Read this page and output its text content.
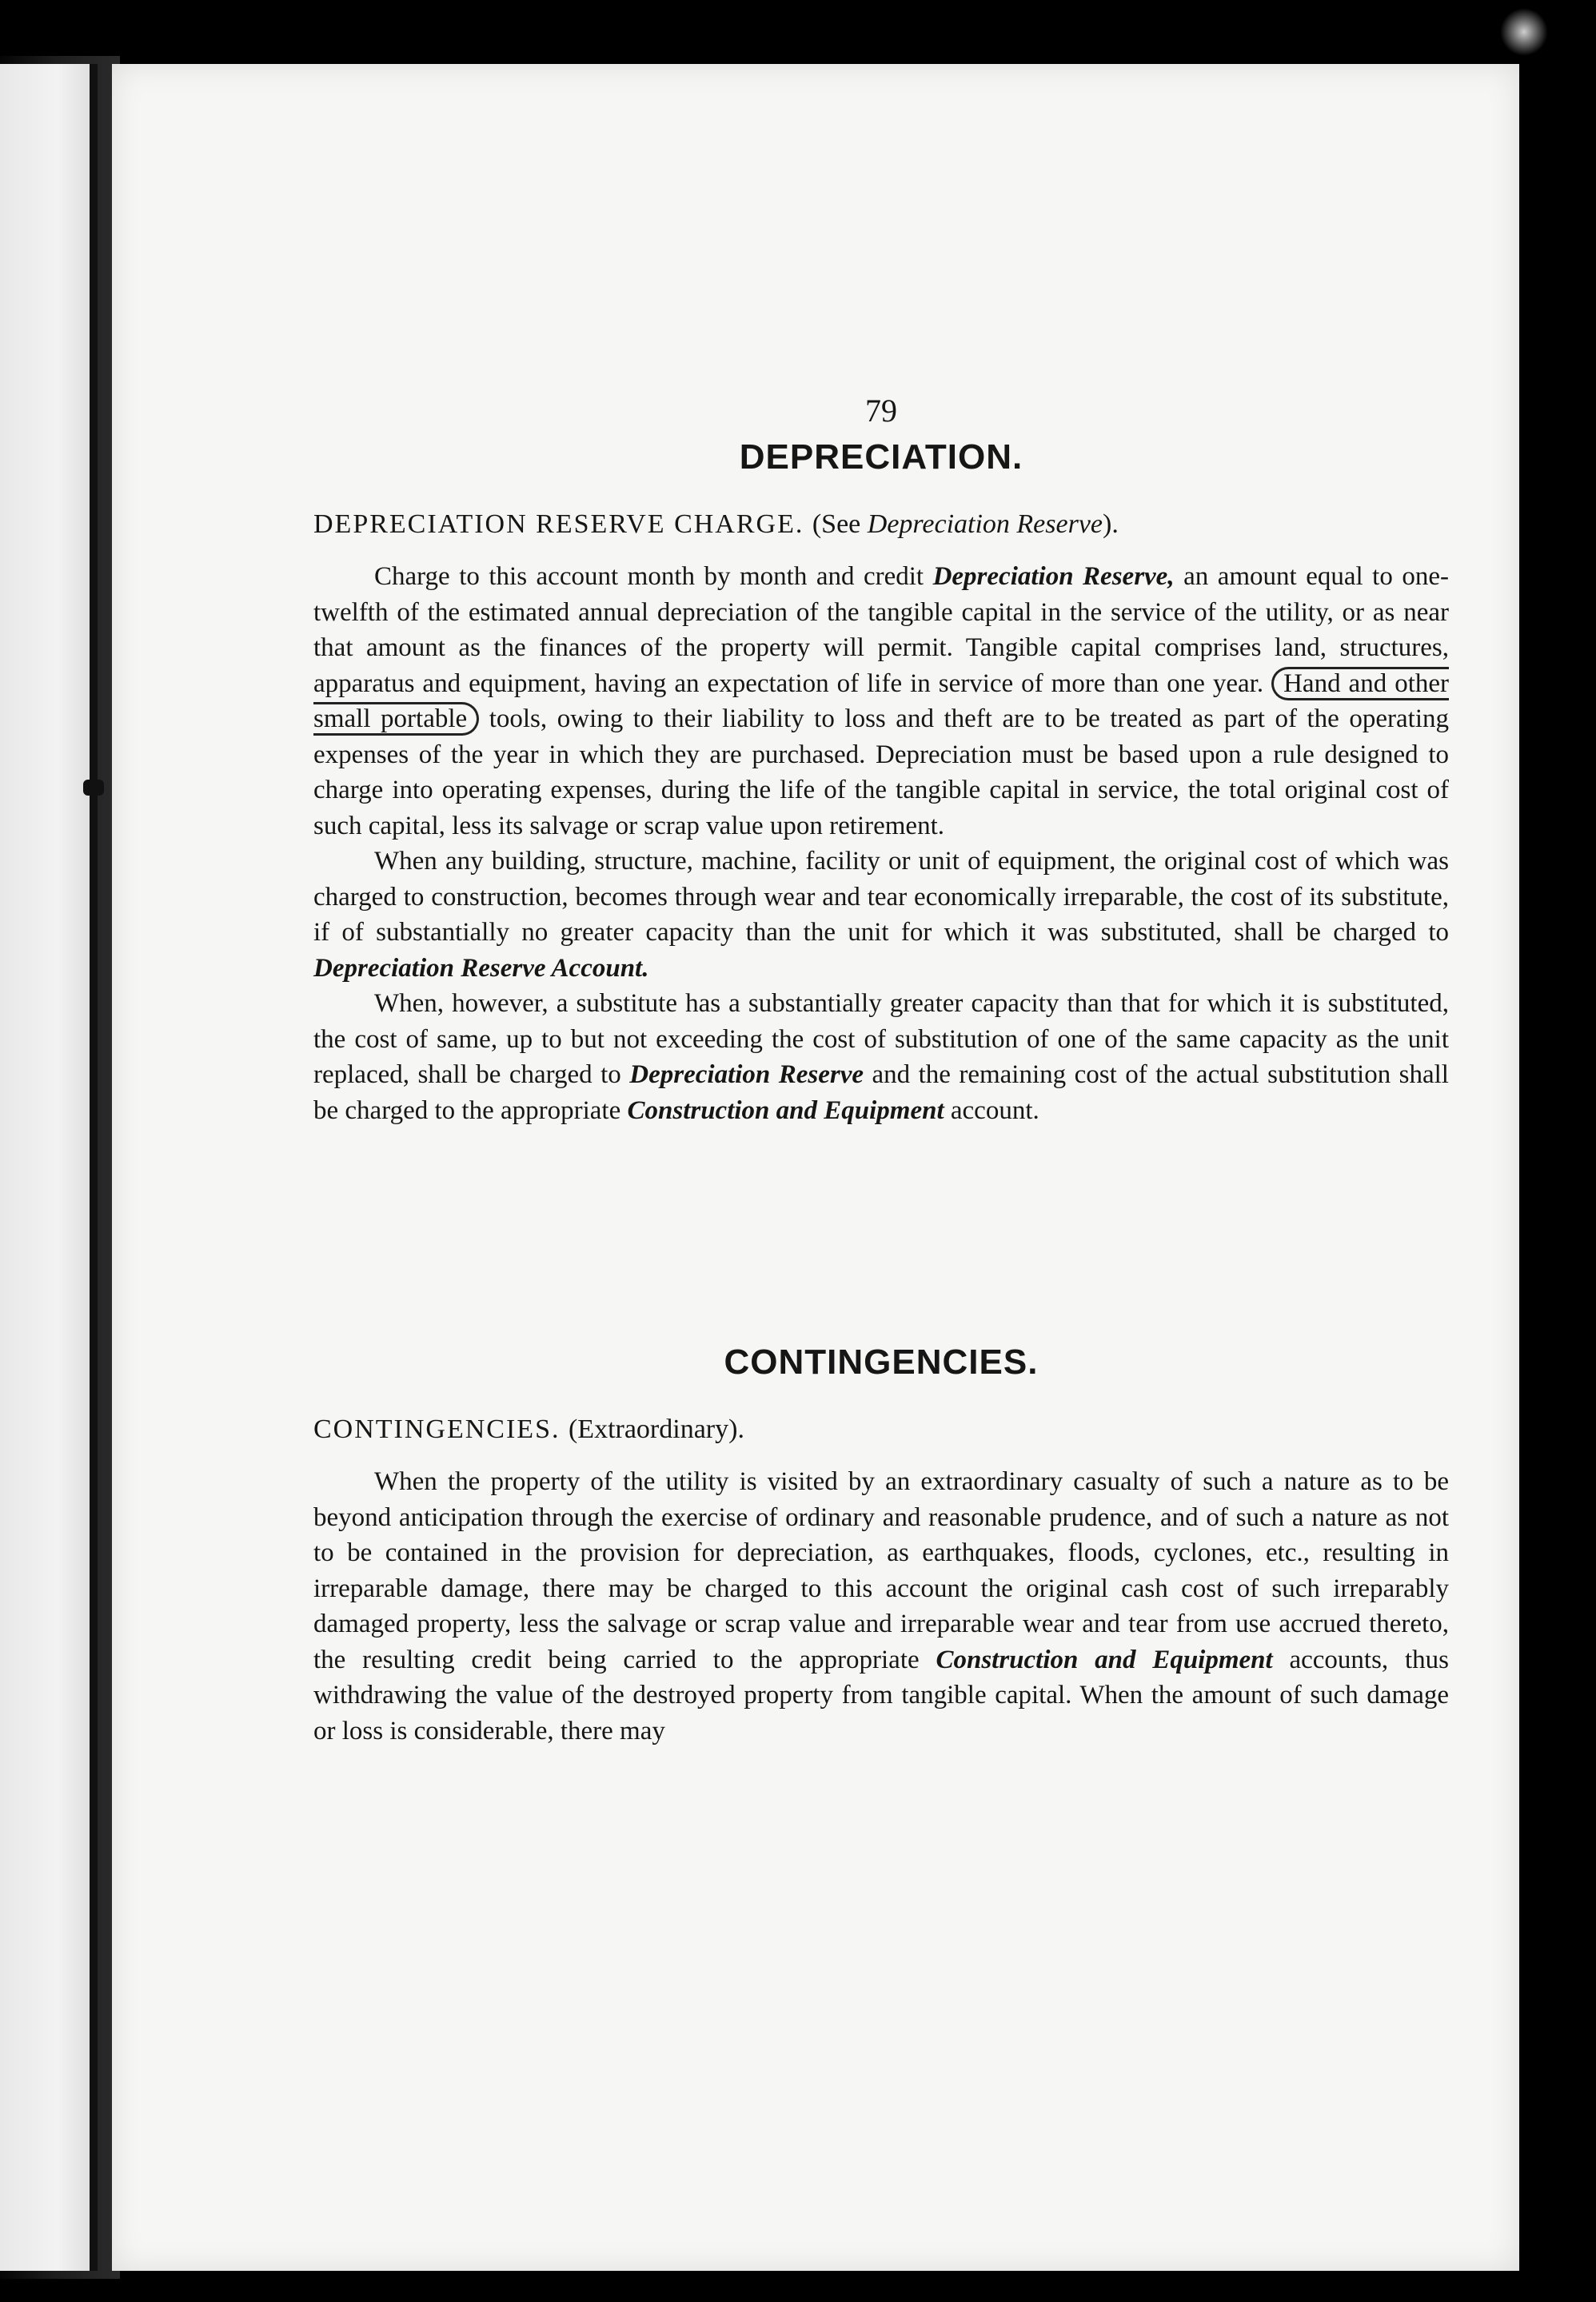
79
DEPRECIATION.
DEPRECIATION RESERVE CHARGE. (See Depreciation Reserve).

Charge to this account month by month and credit Depreciation Reserve, an amount equal to one-twelfth of the estimated annual depreciation of the tangible capital in the service of the utility, or as near that amount as the finances of the property will permit. Tangible capital comprises land, structures, apparatus and equipment, having an expectation of life in service of more than one year. Hand and other small portable tools, owing to their liability to loss and theft are to be treated as part of the operating expenses of the year in which they are purchased. Depreciation must be based upon a rule designed to charge into operating expenses, during the life of the tangible capital in service, the total original cost of such capital, less its salvage or scrap value upon retirement.

When any building, structure, machine, facility or unit of equipment, the original cost of which was charged to construction, becomes through wear and tear economically irreparable, the cost of its substitute, if of substantially no greater capacity than the unit for which it was substituted, shall be charged to Depreciation Reserve Account.

When, however, a substitute has a substantially greater capacity than that for which it is substituted, the cost of same, up to but not exceeding the cost of substitution of one of the same capacity as the unit replaced, shall be charged to Depreciation Reserve and the remaining cost of the actual substitution shall be charged to the appropriate Construction and Equipment account.

CONTINGENCIES.
CONTINGENCIES. (Extraordinary).

When the property of the utility is visited by an extraordinary casualty of such a nature as to be beyond anticipation through the exercise of ordinary and reasonable prudence, and of such a nature as not to be contained in the provision for depreciation, as earthquakes, floods, cyclones, etc., resulting in irreparable damage, there may be charged to this account the original cash cost of such irreparably damaged property, less the salvage or scrap value and irreparable wear and tear from use accrued thereto, the resulting credit being carried to the appropriate Construction and Equipment accounts, thus withdrawing the value of the destroyed property from tangible capital. When the amount of such damage or loss is considerable, there may
